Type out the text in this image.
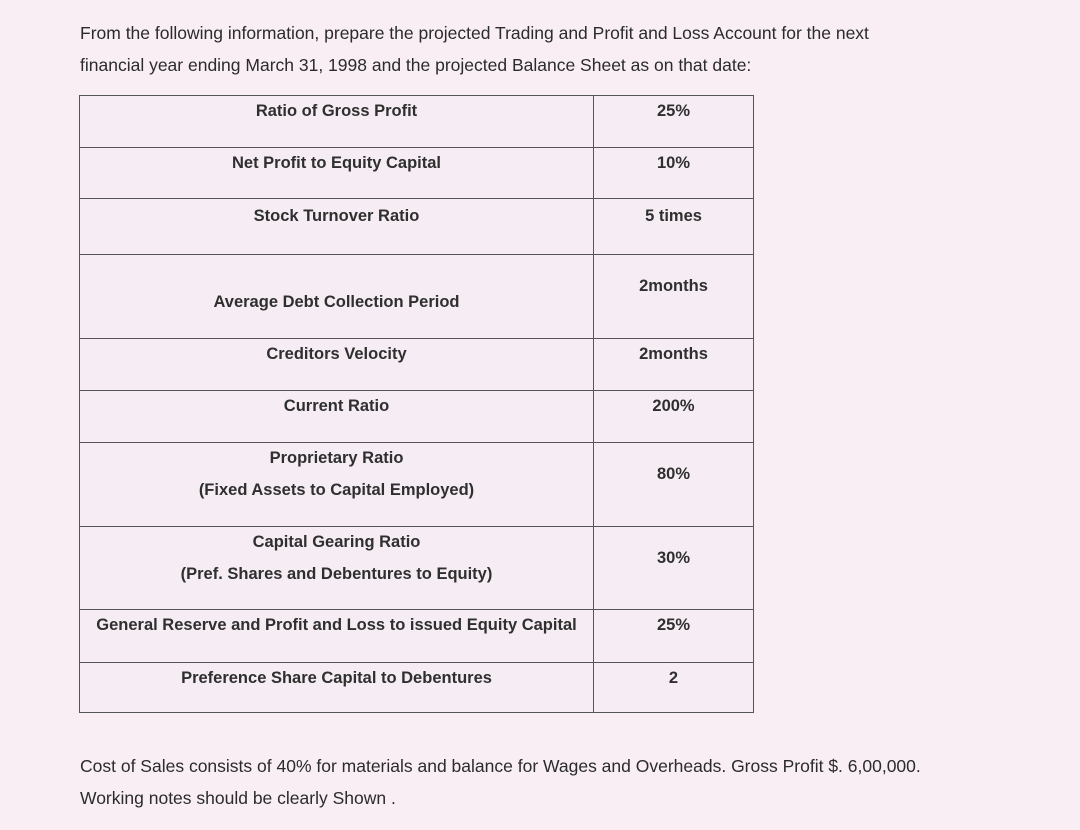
From the following information, prepare the projected Trading and Profit and Loss Account for the next
financial year ending March 31, 1998 and the projected Balance Sheet as on that date:

Ratio of Gross Profit	25%

Net Profit to Equity Capital	10%

Stock Turnover Ratio	5 times

Average Debt Collection Period	2months

Creditors Velocity	2months

Current Ratio	200%

Proprietary Ratio
(Fixed Assets to Capital Employed)	80%

Capital Gearing Ratio
(Pref. Shares and Debentures to Equity)	30%

General Reserve and Profit and Loss to issued Equity Capital	25%

Preference Share Capital to Debentures	2

Cost of Sales consists of 40% for materials and balance for Wages and Overheads. Gross Profit $. 6,00,000.
Working notes should be clearly Shown .
